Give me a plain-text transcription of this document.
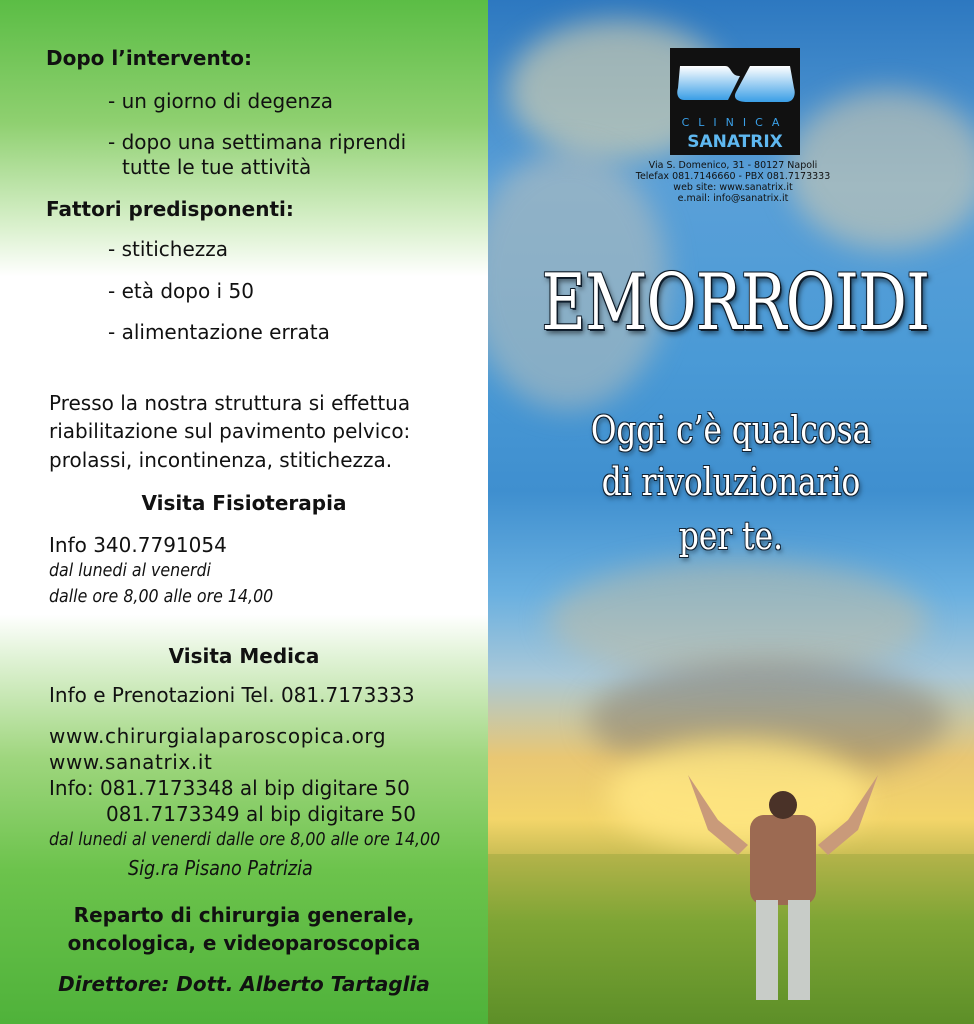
Dopo l’intervento:
- un giorno di degenza
- dopo una settimana riprendi
tutte le tue attività
Fattori predisponenti:
- stitichezza
- età dopo i 50
- alimentazione errata
Presso la nostra struttura si effettua
riabilitazione sul pavimento pelvico:
prolassi, incontinenza, stitichezza.
Visita Fisioterapia
Info 340.7791054
dal lunedi al venerdi
dalle ore 8,00 alle ore 14,00
Visita Medica
Info e Prenotazioni Tel. 081.7173333
www.chirurgialaparoscopica.org
www.sanatrix.it
Info: 081.7173348 al bip digitare 50
081.7173349 al bip digitare 50
dal lunedi al venerdi dalle ore 8,00 alle ore 14,00
Sig.ra Pisano Patrizia
Reparto di chirurgia generale,
oncologica, e videoparoscopica
Direttore: Dott. Alberto Tartaglia
CLINICA
SANATRIX
Via S. Domenico, 31 - 80127 Napoli
Telefax 081.7146660 - PBX 081.7173333
web site: www.sanatrix.it
e.mail: info@sanatrix.it
EMORROIDI
Oggi c’è qualcosa
di rivoluzionario
per te.
